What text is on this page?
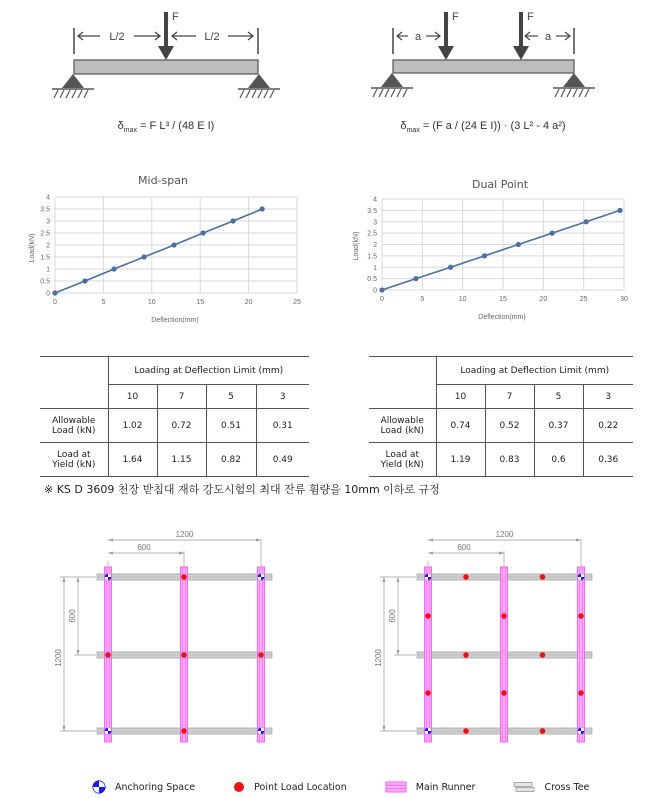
L/2	L/2
F
$\delta_{max} = F$ L³ / (48 E I)
a	a
F	F
$\delta_{max} = (F$ a / (24 E I)) · (3 L² - 4 a²)
Mid-span
0
0.5
1
1.5
2
2.5
3
3.5
4
0	5	10	15	20	25
Deflection(mm)
Load(kN)
Dual Point
0
0.5
1
1.5
2
2.5
3
3.5
4
0	5	10	15	20	25	30
Deflection(mm)
Load(kN)
	Loading at Deflection Limit (mm)			
	10	7	5	3

Allowable
Load (kN)	1.02	0.72	0.51	0.31

Load at
Yield (kN)	1.64	1.15	0.82	0.49
	Loading at Deflection Limit (mm)			
	10	7	5	3

Allowable
Load (kN)	0.74	0.52	0.37	0.22

Load at
Yield (kN)	1.19	0.83	0.6	0.36
※ KS D 3609 천장 받침대 재하 강도시험의 최대 잔류 휨량을 10mm 이하로 규정
1200
600
600
1200
1200
600
600
1200
Anchoring Space	Point Load Location	Main Runner	Cross Tee
